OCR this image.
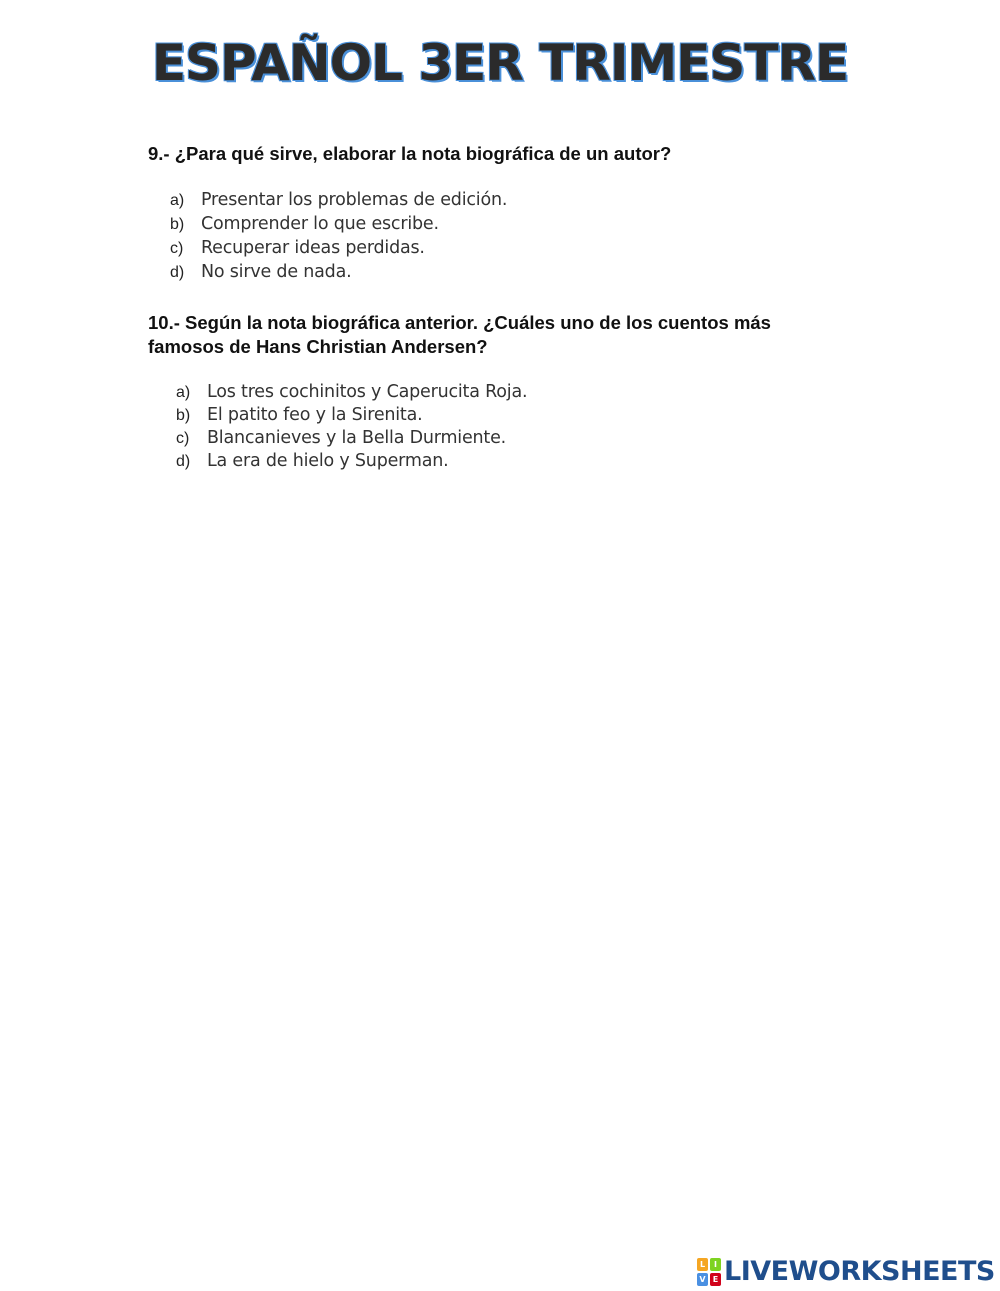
ESPAÑOL 3ER TRIMESTRE

9.- ¿Para qué sirve, elaborar la nota biográfica de un autor?

a) Presentar los problemas de edición.
b) Comprender lo que escribe.
c)	Recuperar ideas perdidas.
d) No sirve de nada.

10.- Según la nota biográfica anterior. ¿Cuáles uno de los cuentos más famosos de Hans Christian Andersen?

a) Los tres cochinitos y Caperucita Roja.
b) El patito feo y la Sirenita.
c)	Blancanieves y la Bella Durmiente.
d) La era de hielo y Superman.
L	I
V E LIVEWORKSHEETS
